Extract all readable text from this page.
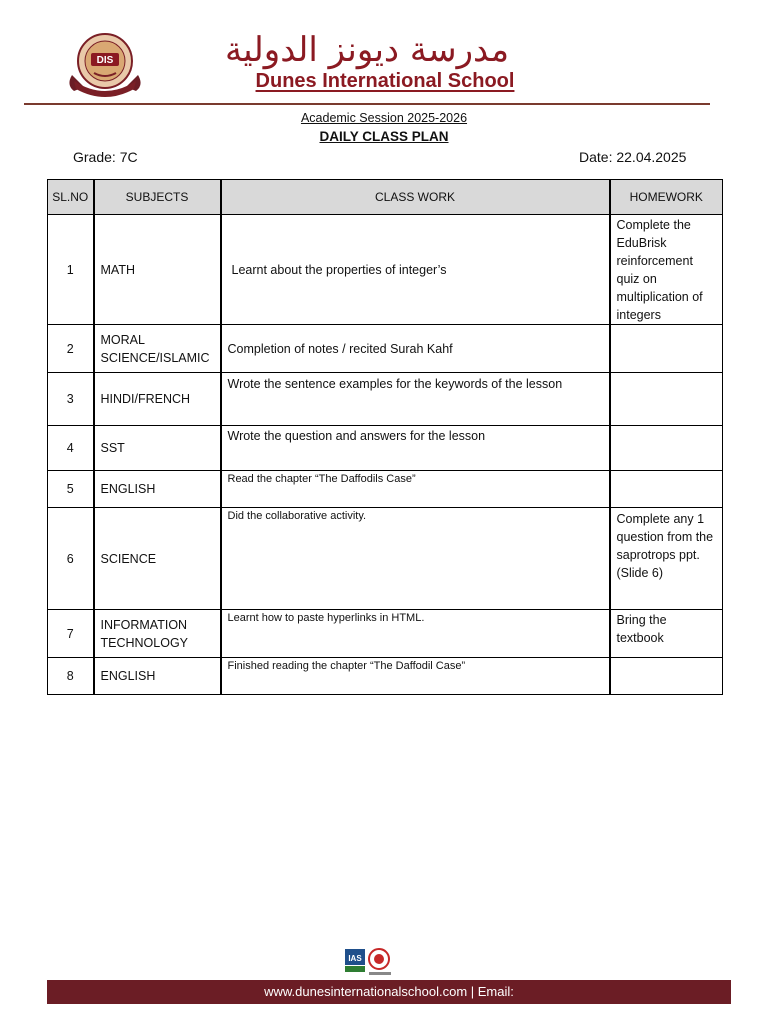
DIS	مدرسة ديونز الدولية
Dunes International School
Academic Session 2025-2026
DAILY CLASS PLAN
Grade: 7C	Date: 22.04.2025
SL.NO	SUBJECTS	CLASS WORK	HOMEWORK
1	MATH	Learnt about the properties of integer’s	Complete the EduBrisk reinforcement quiz on multiplication of integers
2	MORAL SCIENCE/ISLAMIC	Completion of notes / recited Surah Kahf	
3	HINDI/FRENCH	Wrote the sentence examples for the keywords of the lesson	
4	SST	Wrote the question and answers for the lesson	
5	ENGLISH	Read the chapter “The Daffodils Case”	
6	SCIENCE	Did the collaborative activity.	Complete any 1 question from the saprotrops ppt. (Slide 6)
7	INFORMATION TECHNOLOGY	Learnt how to paste hyperlinks in HTML.	Bring the textbook
8	ENGLISH	Finished reading the chapter “The Daffodil Case”	
IAS
www.dunesinternationalschool.com | Email:
